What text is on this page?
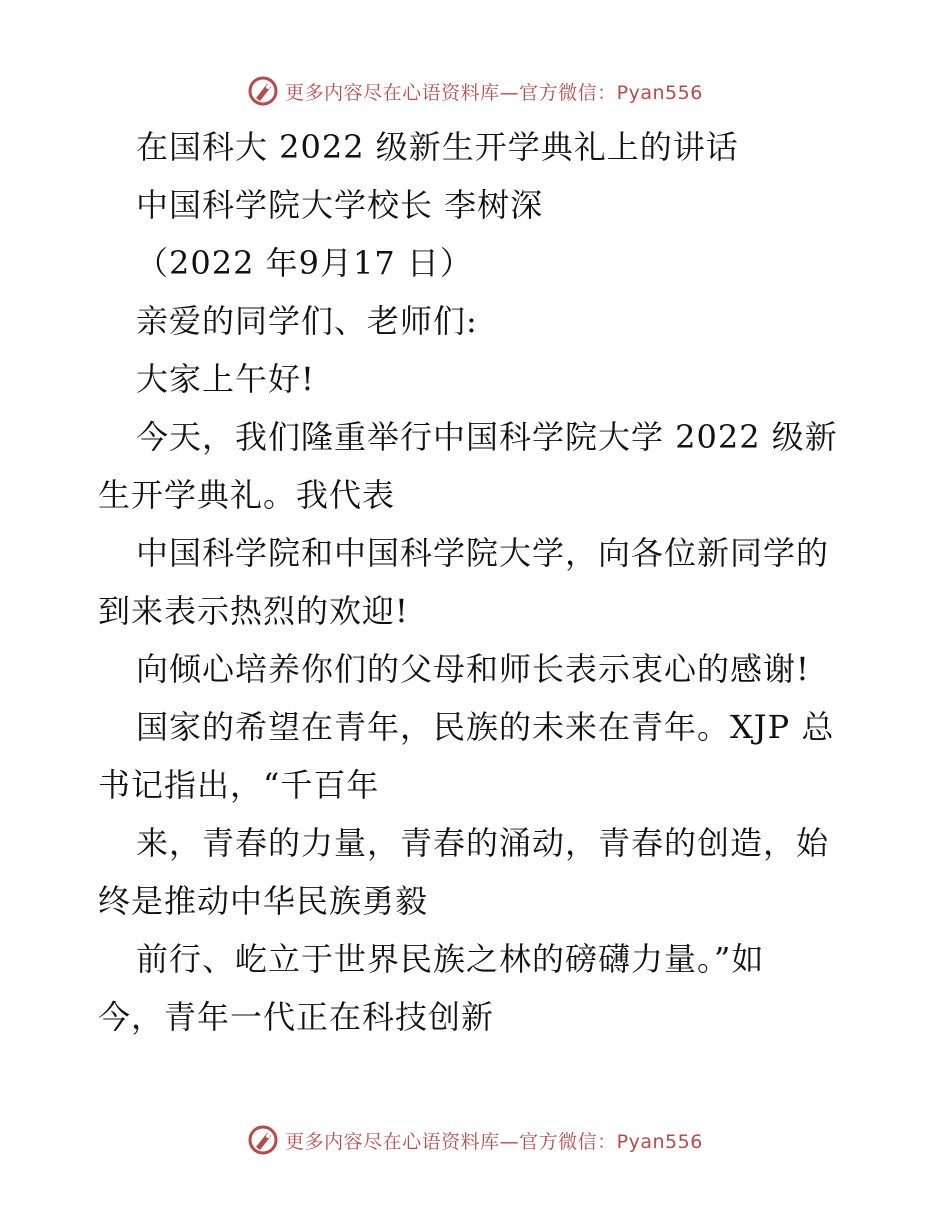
更多内容尽在心语资料库—官方微信：Pyan556
在国科大 2022 级新生开学典礼上的讲话
中国科学院大学校长 李树深
（2022 年9月17 日）
亲爱的同学们、老师们:
大家上午好!
今天，我们隆重举行中国科学院大学 2022 级新
生开学典礼。我代表
中国科学院和中国科学院大学，向各位新同学的
到来表示热烈的欢迎!
向倾心培养你们的父母和师长表示衷心的感谢!
国家的希望在青年，民族的未来在青年。XJP 总
书记指出，“千百年
来，青春的力量，青春的涌动，青春的创造，始
终是推动中华民族勇毅
前行、屹立于世界民族之林的磅礴力量。”如
今，青年一代正在科技创新
更多内容尽在心语资料库—官方微信：Pyan556
